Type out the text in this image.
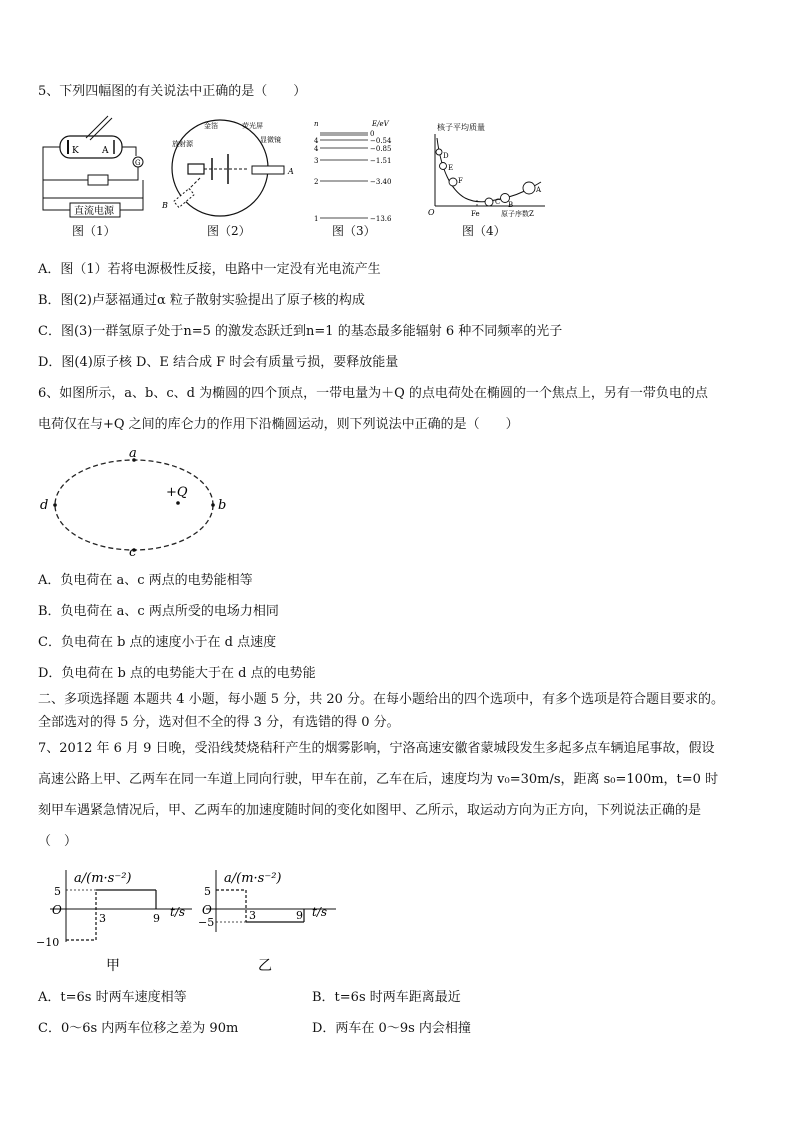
5、下列四幅图的有关说法中正确的是（　　）
K	A
G
直流电源
图（1）
金箔	荧光屏
显微镜
放射源
A
B
图（2）
n	E/eV
0
4	−0.54
4	−0.85
3	−1.51
2	−3.40
1	−13.6
图（3）
核子平均质量
O	Fe	原子序数Z
D
E
F
C B
A
图（4）
A．图（1）若将电源极性反接，电路中一定没有光电流产生
B．图(2)卢瑟福通过α 粒子散射实验提出了原子核的构成
C．图(3)一群氢原子处于n=5 的激发态跃迁到n=1 的基态最多能辐射 6 种不同频率的光子
D．图(4)原子核 D、E 结合成 F 时会有质量亏损，要释放能量
6、如图所示，a、b、c、d 为椭圆的四个顶点，一带电量为＋Q 的点电荷处在椭圆的一个焦点上，另有一带负电的点
电荷仅在与+Q 之间的库仑力的作用下沿椭圆运动，则下列说法中正确的是（　　）
a
b
c
d
+Q
A．负电荷在 a、c 两点的电势能相等
B．负电荷在 a、c 两点所受的电场力相同
C．负电荷在 b 点的速度小于在 d 点速度
D．负电荷在 b 点的电势能大于在 d 点的电势能
二、多项选择题 本题共 4 小题，每小题 5 分，共 20 分。在每小题给出的四个选项中，有多个选项是符合题目要求的。
全部选对的得 5 分，选对但不全的得 3 分，有选错的得 0 分。
7、2012 年 6 月 9 日晚，受沿线焚烧秸秆产生的烟雾影响，宁洛高速安徽省蒙城段发生多起多点车辆追尾事故，假设
高速公路上甲、乙两车在同一车道上同向行驶，甲车在前，乙车在后，速度均为 v₀=30m/s，距离 s₀=100m，t=0 时
刻甲车遇紧急情况后，甲、乙两车的加速度随时间的变化如图甲、乙所示，取运动方向为正方向，下列说法正确的是
（　）
a/(m·s⁻²)
t/s
O
5
−10
3	9
甲
a/(m·s⁻²)
t/s
O
5
−5
3	9
乙
A．t=6s 时两车速度相等	B．t=6s 时两车距离最近
C．0～6s 内两车位移之差为 90m	D．两车在 0～9s 内会相撞
